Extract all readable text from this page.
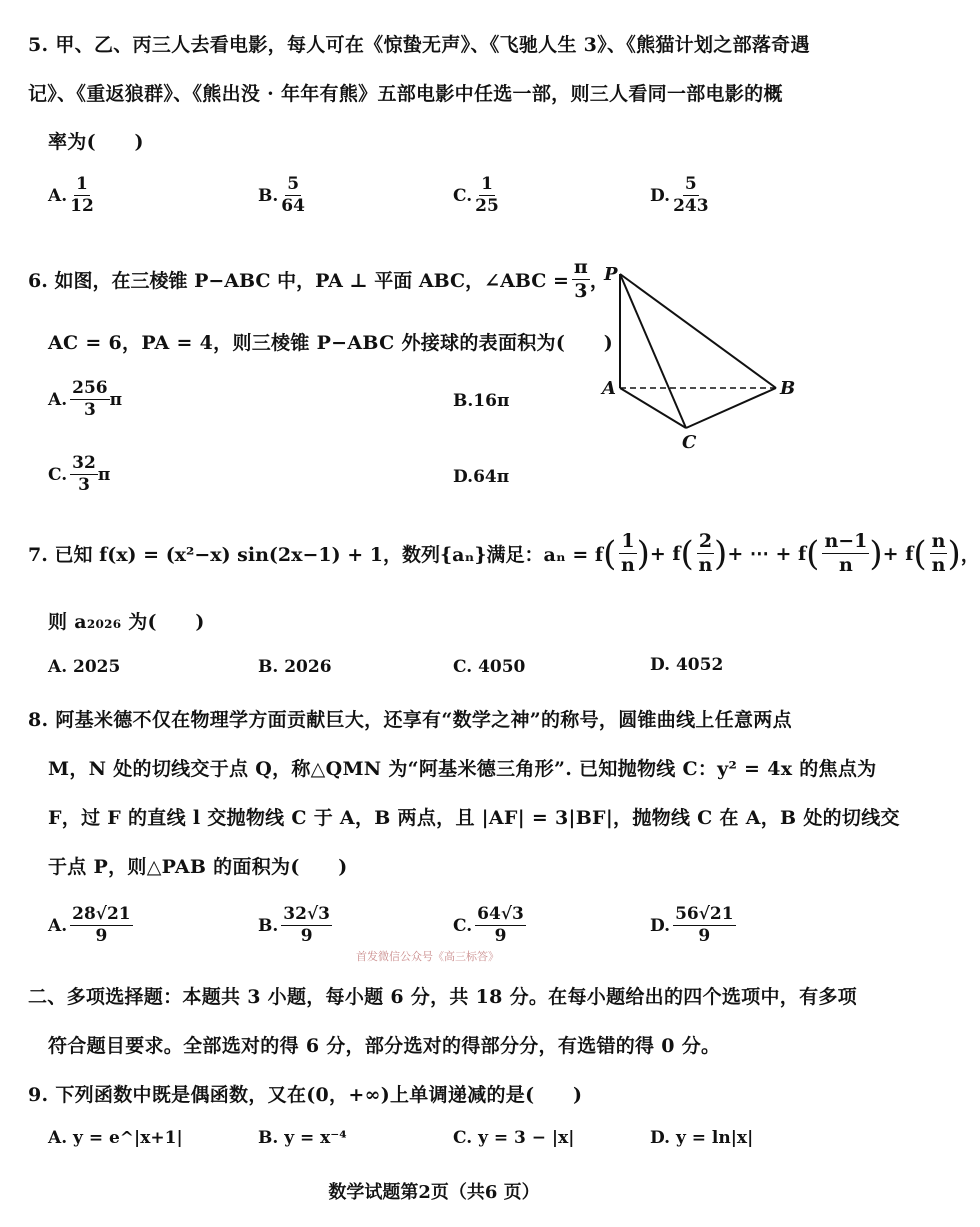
5. 甲、乙、丙三人去看电影，每人可在《惊蛰无声》、《飞驰人生 3》、《熊猫计划之部落奇遇
记》、《重返狼群》、《熊出没 · 年年有熊》五部电影中任选一部，则三人看同一部电影的概
率为(　　)
A. $\frac{1}{12}$	B. $\frac{5}{64}$	C. $\frac{1}{25}$	D. $\frac{5}{243}$
6. 如图，在三棱锥 P−ABC 中，PA ⊥ 平面 ABC，∠ABC = $\frac{\pi}{3}$ ，
AC = 6，PA = 4，则三棱锥 P−ABC 外接球的表面积为(　　)
A. $\frac{256}{3}$ π	B. 16π
C. $\frac{32}{3}$ π	D. 64π
P
A	B
C
7. 已知 f(x) = (x²−x) sin(2x−1) + 1，数列{aₙ}满足：aₙ = f ( $\frac{1}{n}$ ) + f ( $\frac{2}{n}$ ) + ⋯ + f ( $\frac{n-1}{n}$ ) + f ( $\frac{n}{n}$ ) ，
则 a₂₀₂₆ 为(　　)
A. 2025	B. 2026	C. 4050	D. 4052
8. 阿基米德不仅在物理学方面贡献巨大，还享有“数学之神”的称号，圆锥曲线上任意两点
M，N 处的切线交于点 Q，称△QMN 为“阿基米德三角形”. 已知抛物线 C：y² = 4x 的焦点为
F，过 F 的直线 l 交抛物线 C 于 A，B 两点，且 |AF| = 3|BF|，抛物线 C 在 A，B 处的切线交
于点 P，则△PAB 的面积为(　　)
A. $\frac{28√21}{9}$	B. $\frac{32√3}{9}$	C. $\frac{64√3}{9}$	D. $\frac{56√21}{9}$
首发微信公众号《高三标答》
二、多项选择题：本题共 3 小题，每小题 6 分，共 18 分。在每小题给出的四个选项中，有多项
符合题目要求。全部选对的得 6 分，部分选对的得部分分，有选错的得 0 分。
9. 下列函数中既是偶函数，又在(0，+∞)上单调递减的是(　　)
A. y = e^|x+1|	B. y = x⁻⁴	C. y = 3 − |x|	D. y = ln|x|
数学试题第2页（共6 页）
